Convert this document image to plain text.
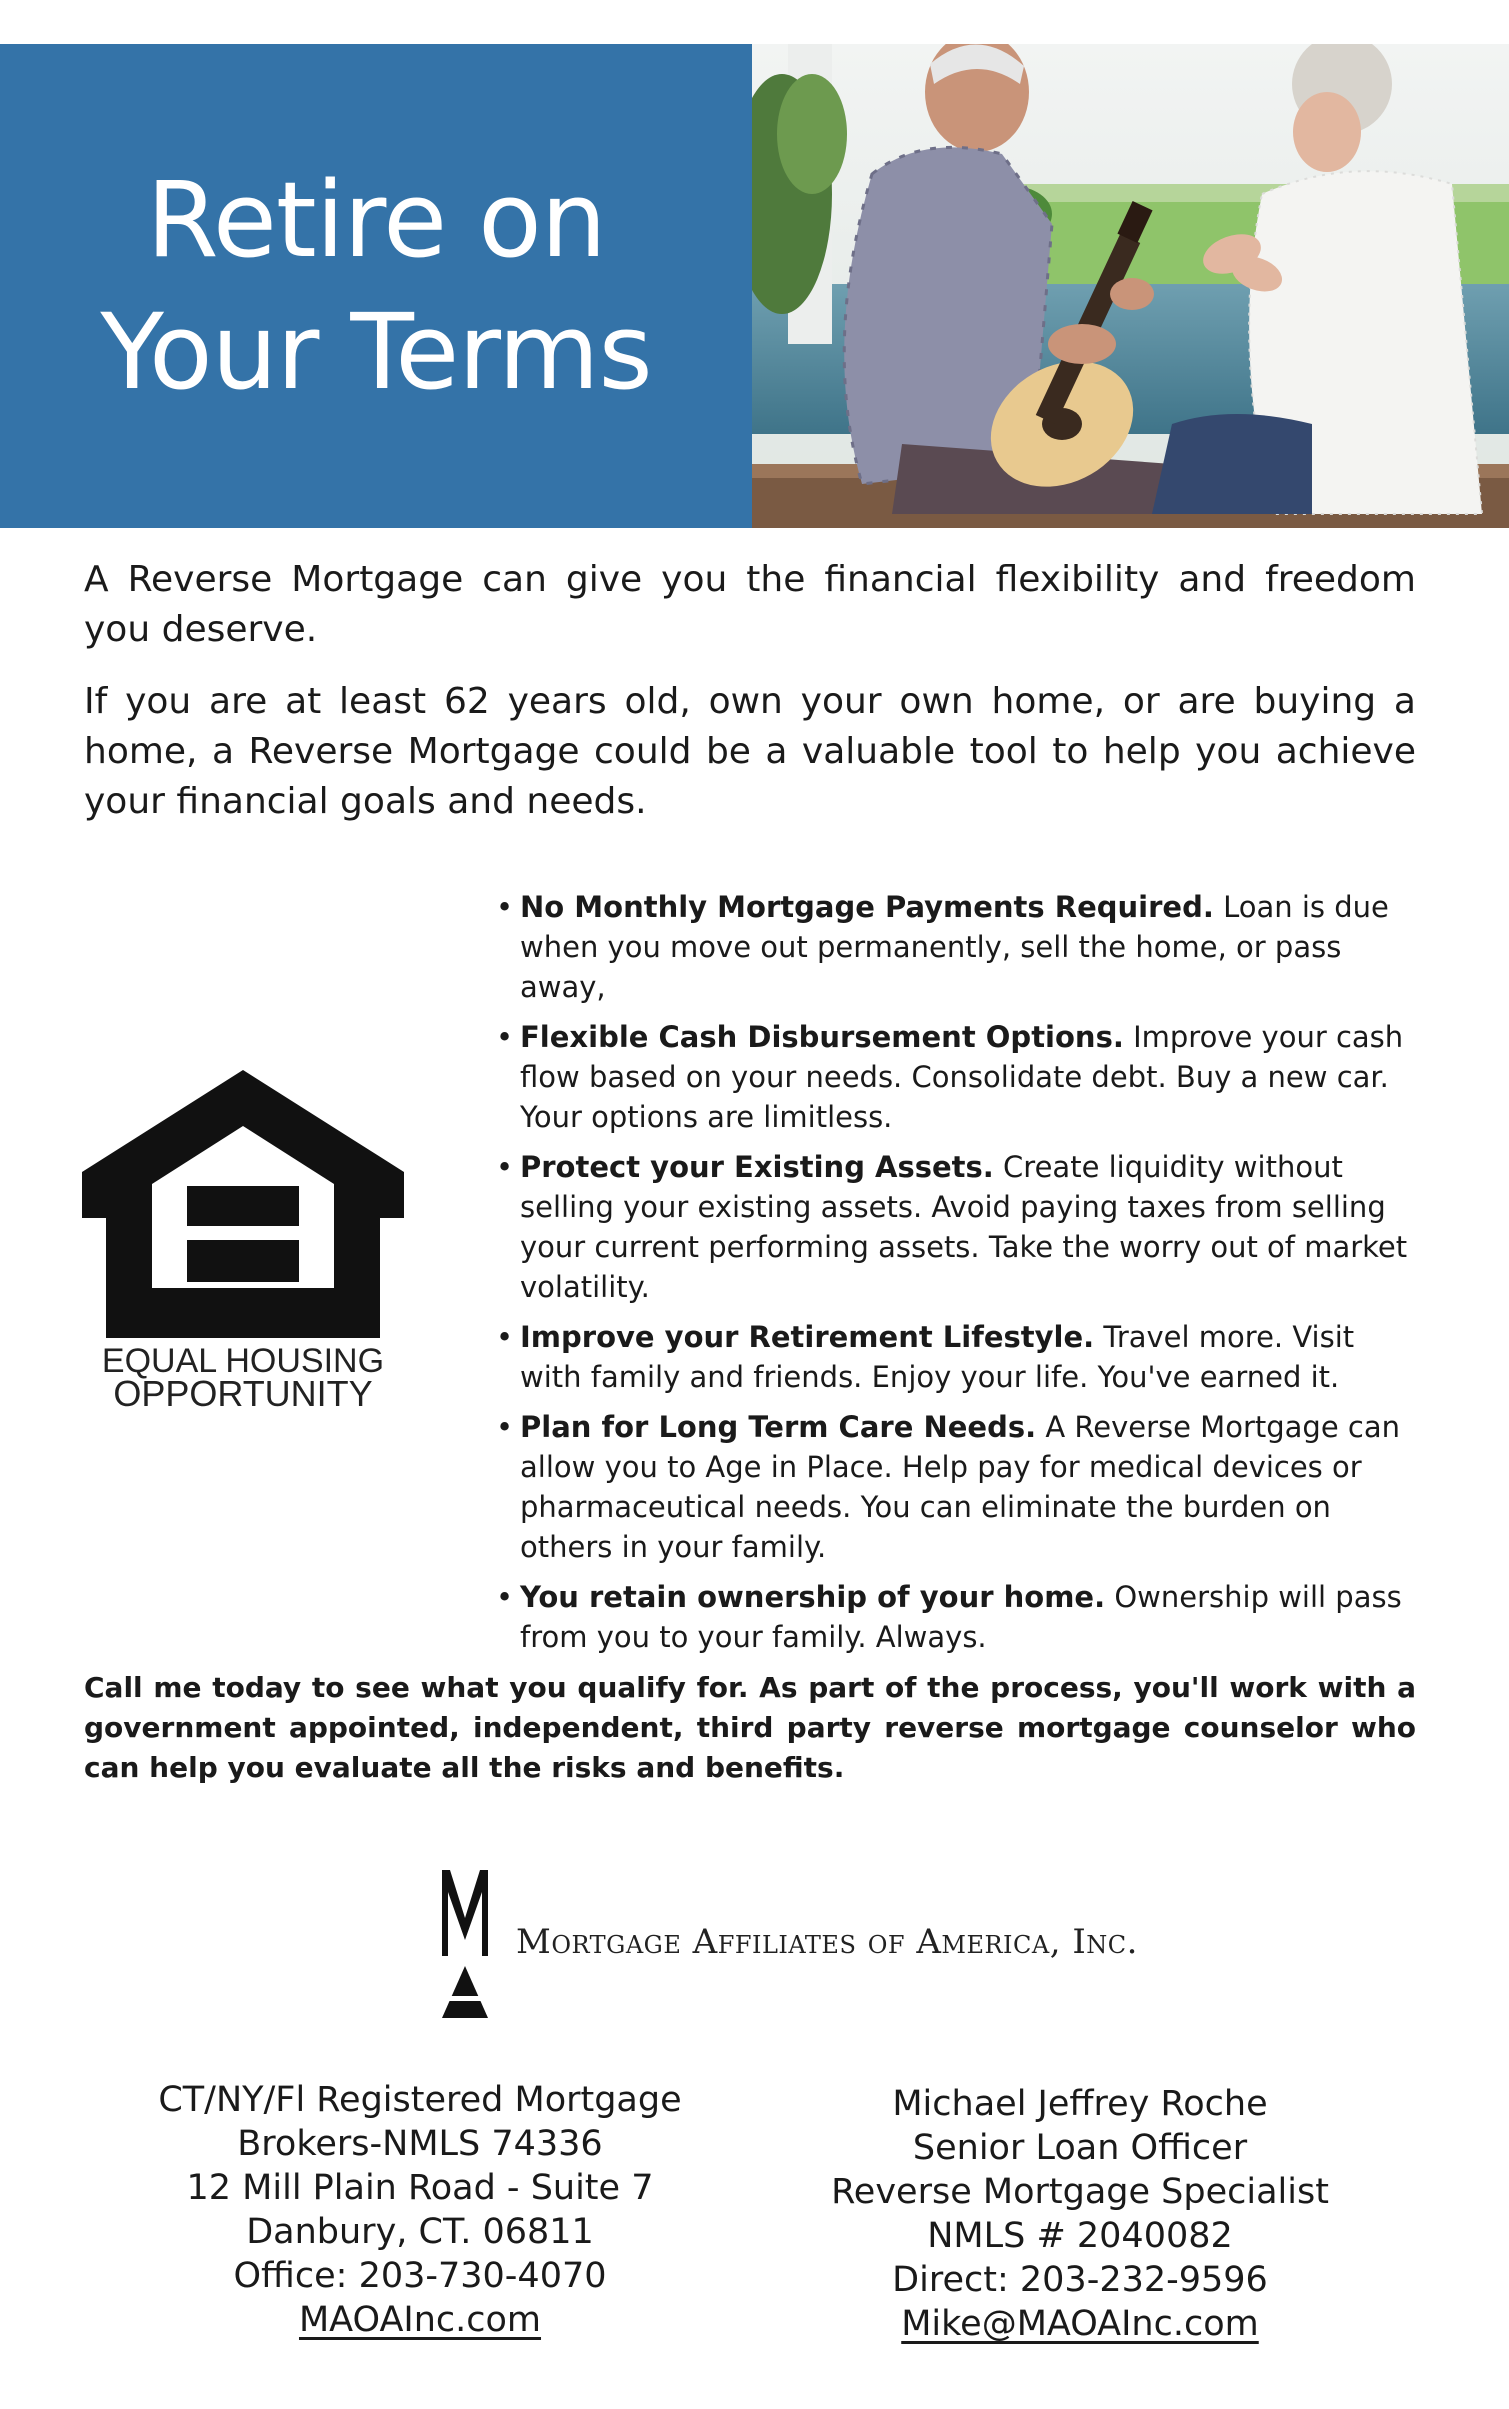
Retire on
Your Terms

A Reverse Mortgage can give you the financial flexibility and freedom you deserve.

If you are at least 62 years old, own your own home, or are buying a home, a Reverse Mortgage could be a valuable tool to help you achieve your financial goals and needs.

EQUAL HOUSING
OPPORTUNITY
• No Monthly Mortgage Payments Required. Loan is due when you move out permanently, sell the home, or pass away,
• Flexible Cash Disbursement Options. Improve your cash flow based on your needs. Consolidate debt. Buy a new car. Your options are limitless.
• Protect your Existing Assets. Create liquidity without selling your existing assets. Avoid paying taxes from selling your current performing assets. Take the worry out of market volatility.
• Improve your Retirement Lifestyle. Travel more. Visit with family and friends. Enjoy your life. You've earned it.
• Plan for Long Term Care Needs. A Reverse Mortgage can allow you to Age in Place. Help pay for medical devices or pharmaceutical needs. You can eliminate the burden on others in your family.
• You retain ownership of your home. Ownership will pass from you to your family. Always.

Call me today to see what you qualify for. As part of the process, you'll work with a government appointed, independent, third party reverse mortgage counselor who can help you evaluate all the risks and benefits.

Mortgage Affiliates of America, Inc.
CT/NY/Fl Registered Mortgage
Brokers-NMLS 74336
12 Mill Plain Road - Suite 7
Danbury, CT. 06811
Office: 203-730-4070
MAOAInc.com
Michael Jeffrey Roche
Senior Loan Officer
Reverse Mortgage Specialist
NMLS # 2040082
Direct: 203-232-9596
Mike@MAOAInc.com
